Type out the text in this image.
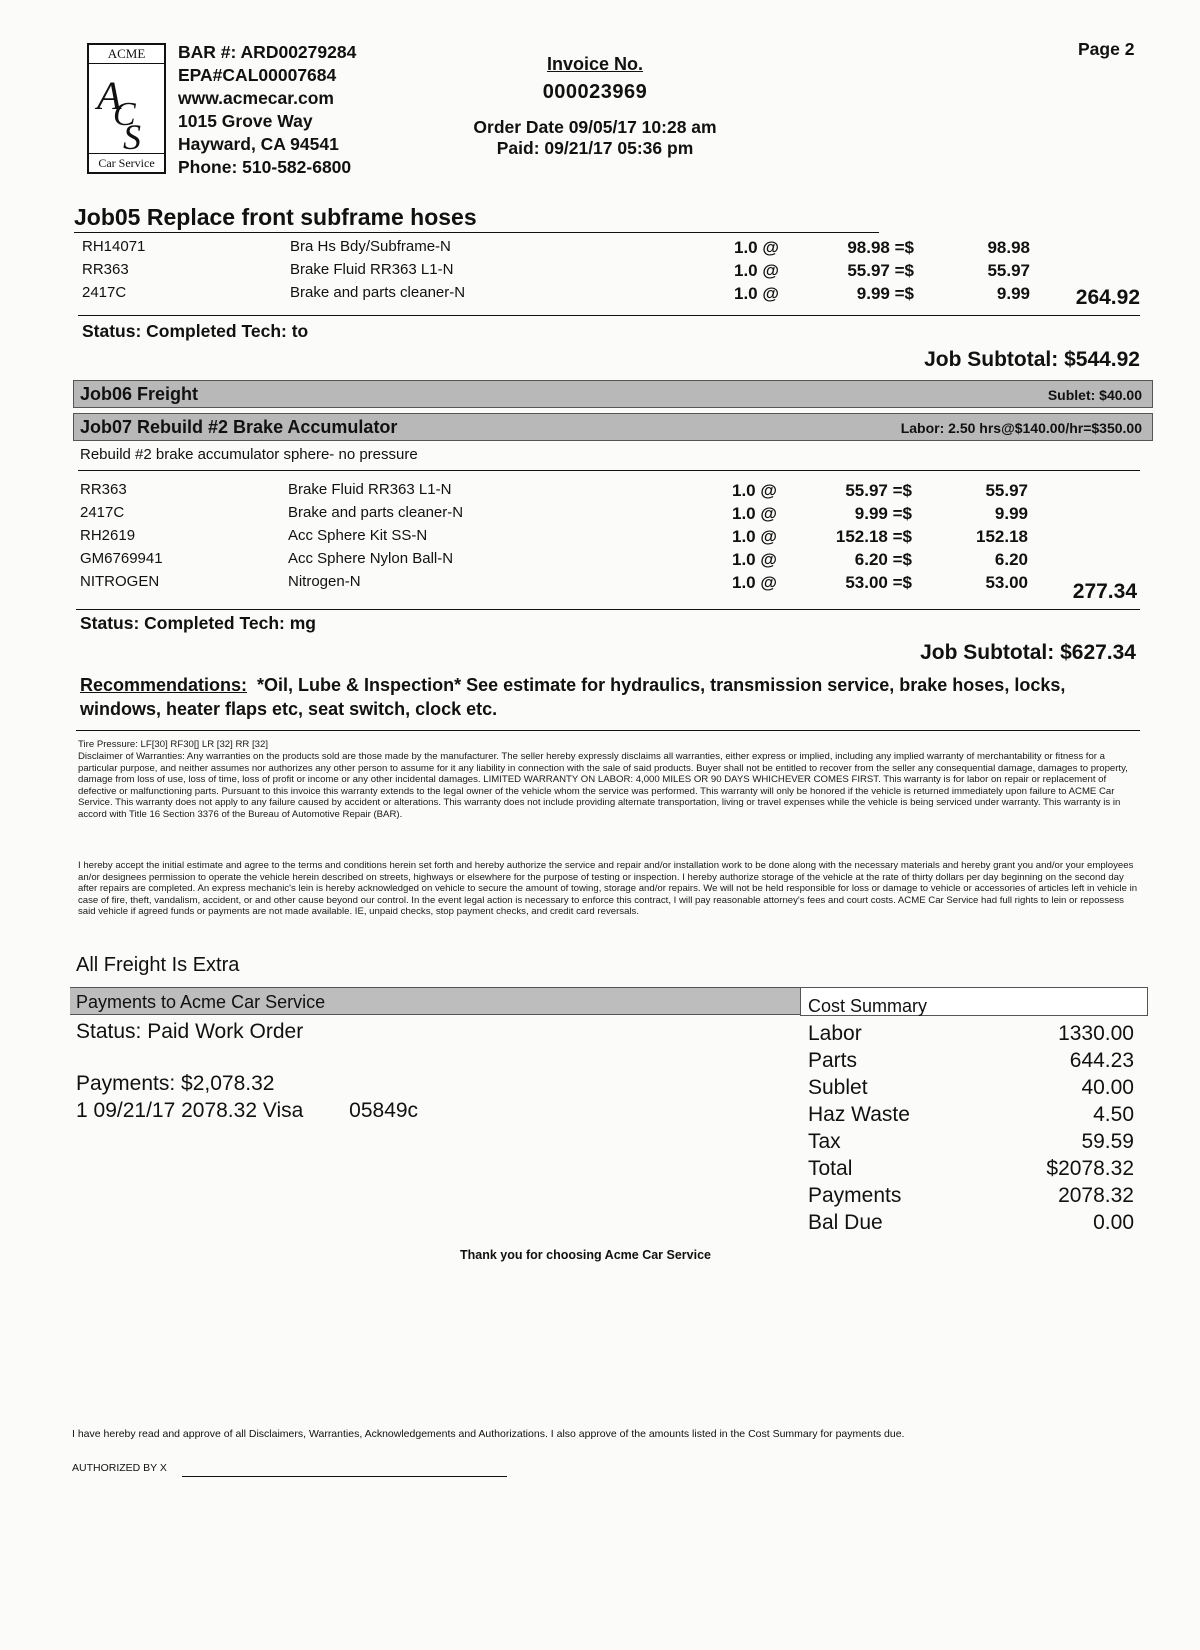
ACME
A
C
S
Car Service
BAR #: ARD00279284
EPA#CAL00007684
www.acmecar.com
1015 Grove Way
Hayward, CA 94541
Phone: 510-582-6800
Invoice No.
000023969
Order Date 09/05/17 10:28 am
Paid: 09/21/17 05:36 pm
Page 2
Job05 Replace front subframe hoses
RH14071	Bra Hs Bdy/Subframe-N	1.0 @	98.98 =$	98.98
RR363	Brake Fluid RR363 L1-N	1.0 @	55.97 =$	55.97
2417C	Brake and parts cleaner-N	1.0 @	9.99 =$	9.99 264.92
Status: Completed Tech: to
Job Subtotal: $544.92
Job06 Freight	Sublet: $40.00
Job07 Rebuild #2 Brake Accumulator	Labor: 2.50 hrs@$140.00/hr=$350.00
Rebuild #2 brake accumulator sphere- no pressure
RR363	Brake Fluid RR363 L1-N	1.0 @	55.97 =$	55.97
2417C	Brake and parts cleaner-N	1.0 @	9.99 =$	9.99
RH2619	Acc Sphere Kit SS-N	1.0 @	152.18 =$	152.18
GM6769941	Acc Sphere Nylon Ball-N	1.0 @	6.20 =$	6.20
NITROGEN	Nitrogen-N	1.0 @	53.00 =$	53.00 277.34
Status: Completed Tech: mg
Job Subtotal: $627.34
Recommendations: *Oil, Lube & Inspection* See estimate for hydraulics, transmission service, brake hoses, locks, windows, heater flaps etc, seat switch, clock etc.
Tire Pressure: LF[30] RF30[] LR [32] RR [32]
Disclaimer of Warranties: Any warranties on the products sold are those made by the manufacturer. The seller hereby expressly disclaims all warranties, either express or implied, including any implied warranty of merchantability or fitness for a particular purpose, and neither assumes nor authorizes any other person to assume for it any liability in connection with the sale of said products. Buyer shall not be entitled to recover from the seller any consequential damage, damages to property, damage from loss of use, loss of time, loss of profit or income or any other incidental damages. LIMITED WARRANTY ON LABOR: 4,000 MILES OR 90 DAYS WHICHEVER COMES FIRST. This warranty is for labor on repair or replacement of defective or malfunctioning parts. Pursuant to this invoice this warranty extends to the legal owner of the vehicle whom the service was performed. This warranty will only be honored if the vehicle is returned immediately upon failure to ACME Car Service. This warranty does not apply to any failure caused by accident or alterations. This warranty does not include providing alternate transportation, living or travel expenses while the vehicle is being serviced under warranty. This warranty is in accord with Title 16 Section 3376 of the Bureau of Automotive Repair (BAR).
I hereby accept the initial estimate and agree to the terms and conditions herein set forth and hereby authorize the service and repair and/or installation work to be done along with the necessary materials and hereby grant you and/or your employees an/or designees permission to operate the vehicle herein described on streets, highways or elsewhere for the purpose of testing or inspection. I hereby authorize storage of the vehicle at the rate of thirty dollars per day beginning on the second day after repairs are completed. An express mechanic's lein is hereby acknowledged on vehicle to secure the amount of towing, storage and/or repairs. We will not be held responsible for loss or damage to vehicle or accessories of articles left in vehicle in case of fire, theft, vandalism, accident, or and other cause beyond our control. In the event legal action is necessary to enforce this contract, I will pay reasonable attorney's fees and court costs. ACME Car Service had full rights to lein or repossess said vehicle if agreed funds or payments are not made available. IE, unpaid checks, stop payment checks, and credit card reversals.
All Freight Is Extra
Payments to Acme Car Service	Cost Summary
Status: Paid Work Order
Payments: $2,078.32
1 09/21/17 2078.32 Visa 05849c
Labor	1330.00
Parts	644.23
Sublet	40.00
Haz Waste	4.50
Tax	59.59
Total	$2078.32
Payments	2078.32
Bal Due	0.00
Thank you for choosing Acme Car Service
I have hereby read and approve of all Disclaimers, Warranties, Acknowledgements and Authorizations. I also approve of the amounts listed in the Cost Summary for payments due.
AUTHORIZED BY X
